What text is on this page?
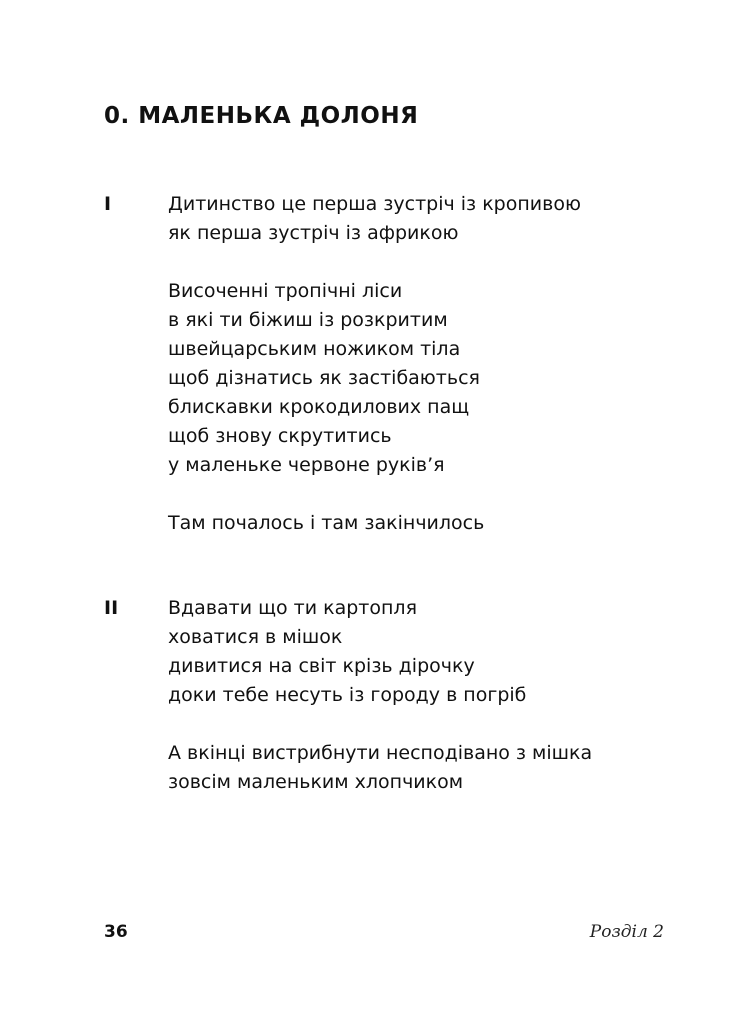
0. МАЛЕНЬКА ДОЛОНЯ
I	Дитинство це перша зустріч із кропивою
як перша зустріч із африкою
Височенні тропічні ліси
в які ти біжиш із розкритим
швейцарським ножиком тіла
щоб дізнатись як застібаються
блискавки крокодилових пащ
щоб знову скрутитись
у маленьке червоне руків’я
Там почалось і там закінчилось
II	Вдавати що ти картопля
ховатися в мішок
дивитися на світ крізь дірочку
доки тебе несуть із городу в погріб
А вкінці вистрибнути несподівано з мішка
зовсім маленьким хлопчиком
36	Розділ 2
